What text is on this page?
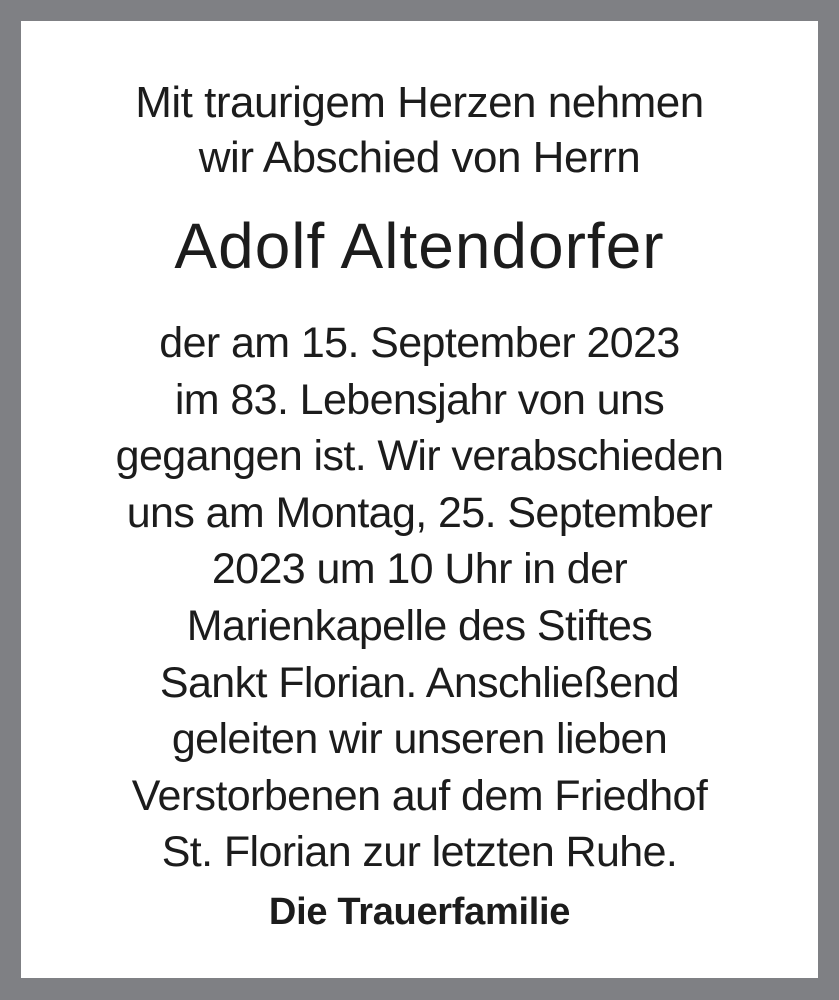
Mit traurigem Herzen nehmen
wir Abschied von Herrn
Adolf Altendorfer
der am 15. September 2023
im 83. Lebensjahr von uns
gegangen ist. Wir verabschieden
uns am Montag, 25. September
2023 um 10 Uhr in der
Marienkapelle des Stiftes
Sankt Florian. Anschließend
geleiten wir unseren lieben
Verstorbenen auf dem Friedhof
St. Florian zur letzten Ruhe.
Die Trauerfamilie
